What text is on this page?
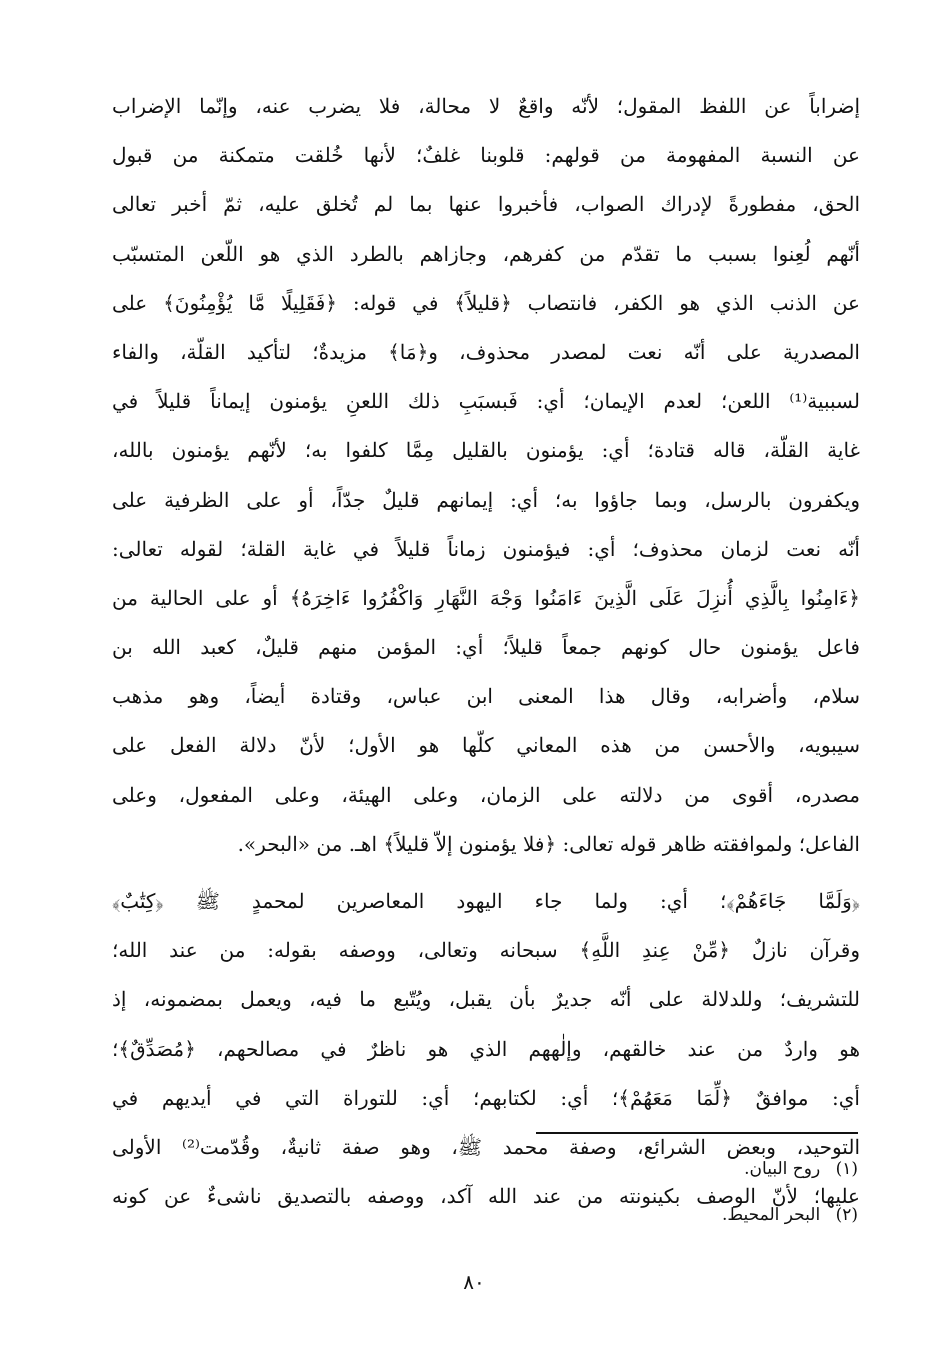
إضراباً عن اللفظ المقول؛ لأنّه واقعٌ لا محالة، فلا يضرب عنه، وإنّما الإضراب
عن النسبة المفهومة من قولهم: قلوبنا غلفٌ؛ لأنها خُلقت متمكنة من قبول
الحق، مفطورةً لإدراك الصواب، فأخبروا عنها بما لم تُخلق عليه، ثمّ أخبر تعالى
أنّهم لُعِنوا بسبب ما تقدّم من كفرهم، وجازاهم بالطرد الذي هو اللّعن المتسبّب
عن الذنب الذي هو الكفر، فانتصاب ﴿قليلاً﴾ في قوله: ﴿فَقَلِيلًا مَّا يُؤْمِنُونَ﴾ على
المصدرية على أنّه نعت لمصدر محذوف، و﴿مَا﴾ مزيدةٌ؛ لتأكيد القلّة، والفاء
لسببية⁽¹⁾ اللعن؛ لعدم الإيمان؛ أي: فَبسبَبِ ذلك اللعنِ يؤمنون إيماناً قليلاً في
غاية القلّة، قاله قتادة؛ أي: يؤمنون بالقليل مِمَّا كلفوا به؛ لأنّهم يؤمنون بالله،
ويكفرون بالرسل، وبما جاؤوا به؛ أي: إيمانهم قليلٌ جدّاً، أو على الظرفية على
أنّه نعت لزمان محذوف؛ أي: فيؤمنون زماناً قليلاً في غاية القلة؛ لقوله تعالى:
﴿ءَامِنُوا بِالَّذِي أُنزِلَ عَلَى الَّذِينَ ءَامَنُوا وَجْهَ النَّهَارِ وَاكْفُرُوا ءَاخِرَهُ﴾ أو على الحالية من
فاعل يؤمنون حال كونهم جمعاً قليلاً؛ أي: المؤمن منهم قليلٌ، كعبد الله بن
سلام، وأضرابه، وقال هذا المعنى ابن عباس، وقتادة أيضاً، وهو مذهب
سيبويه، والأحسن من هذه المعاني كلّها هو الأول؛ لأنّ دلالة الفعل على
مصدره، أقوى من دلالته على الزمان، وعلى الهيئة، وعلى المفعول، وعلى
الفاعل؛ ولموافقته ظاهر قوله تعالى: ﴿فلا يؤمنون إلاّ قليلاً﴾ اهـ. من «البحر».
﴿وَلَمَّا جَاءَهُمْ﴾؛ أي: ولما جاء اليهود المعاصرين لمحمدٍ ﷺ ﴿كِتَٰبٌ﴾
وقرآن نازلٌ ﴿مِّنْ عِندِ اللَّهِ﴾ سبحانه وتعالى، ووصفه بقوله: من عند الله؛
للتشريف؛ وللدلالة على أنّه جديرٌ بأن يقبل، ويُتّبع ما فيه، ويعمل بمضمونه، إذ
هو واردٌ من عند خالقهم، وإلٰههم الذي هو ناظرٌ في مصالحهم، ﴿مُصَدِّقٌ﴾؛
أي: موافقٌ ﴿لِّمَا مَعَهُمْ﴾؛ أي: لكتابهم؛ أي: للتوراة التي في أيديهم في
التوحيد، وبعض الشرائع، وصفة محمد ﷺ، وهو صفة ثانيةٌ، وقُدّمت⁽²⁾ الأولى
عليها؛ لأنّ الوصف بكينونته من عند الله آكد، ووصفه بالتصديق ناشىءٌ عن كونه
(١) روح البيان.
(٢) البحر المحيط.
٨٠
